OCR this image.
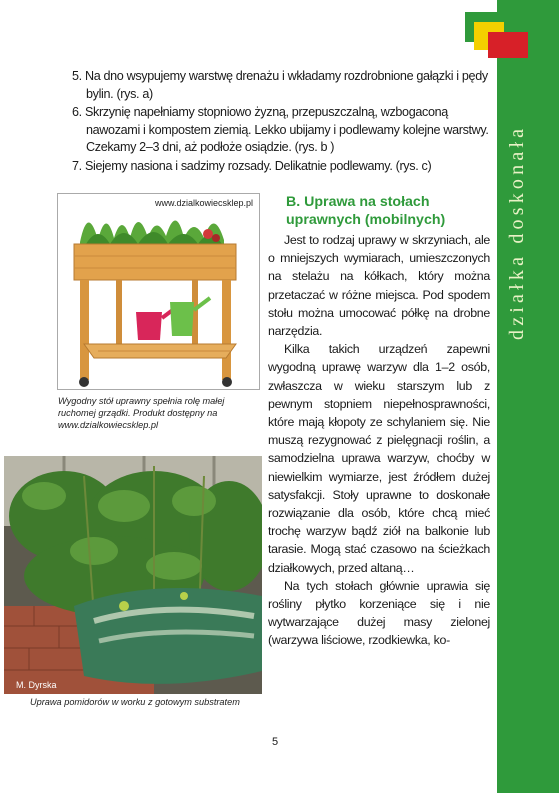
działka doskonała

5. Na dno wsypujemy warstwę drenażu i wkładamy rozdrobnione gałązki i pędy bylin. (rys. a)

6. Skrzynię napełniamy stopniowo żyzną, przepuszczalną, wzbogaconą nawozami i kompostem ziemią. Lekko ubijamy i podlewamy kolejne warstwy. Czekamy 2–3 dni, aż podłoże osiądzie. (rys. b )

7. Siejemy nasiona i sadzimy rozsady. Delikatnie podlewamy. (rys. c)

www.dzialkowiecsklep.pl

Wygodny stół uprawny spełnia rolę małej ruchomej grządki. Produkt dostępny na www.dzialkowiecsklep.pl

M. Dyrska

Uprawa pomidorów w worku z gotowym substratem

B. Uprawa na stołach uprawnych (mobilnych)

Jest to rodzaj uprawy w skrzyniach, ale o mniejszych wymiarach, umieszczonych na stelażu na kółkach, który można przetaczać w różne miejsca. Pod spodem stołu można umocować półkę na drobne narzędzia.

Kilka takich urządzeń zapewni wygodną uprawę warzyw dla 1–2 osób, zwłaszcza w wieku starszym lub z pewnym stopniem niepełnosprawności, które mają kłopoty ze schylaniem się. Nie muszą rezygnować z pielęgnacji roślin, a samodzielna uprawa warzyw, choćby w niewielkim wymiarze, jest źródłem dużej satysfakcji. Stoły uprawne to doskonałe rozwiązanie dla osób, które chcą mieć trochę warzyw bądź ziół na balkonie lub tarasie. Mogą stać czasowo na ścieżkach działkowych, przed altaną…

Na tych stołach głównie uprawia się rośliny płytko korzeniące się i nie wytwarzające dużej masy zielonej (warzywa liściowe, rzodkiewka, ko-

5
